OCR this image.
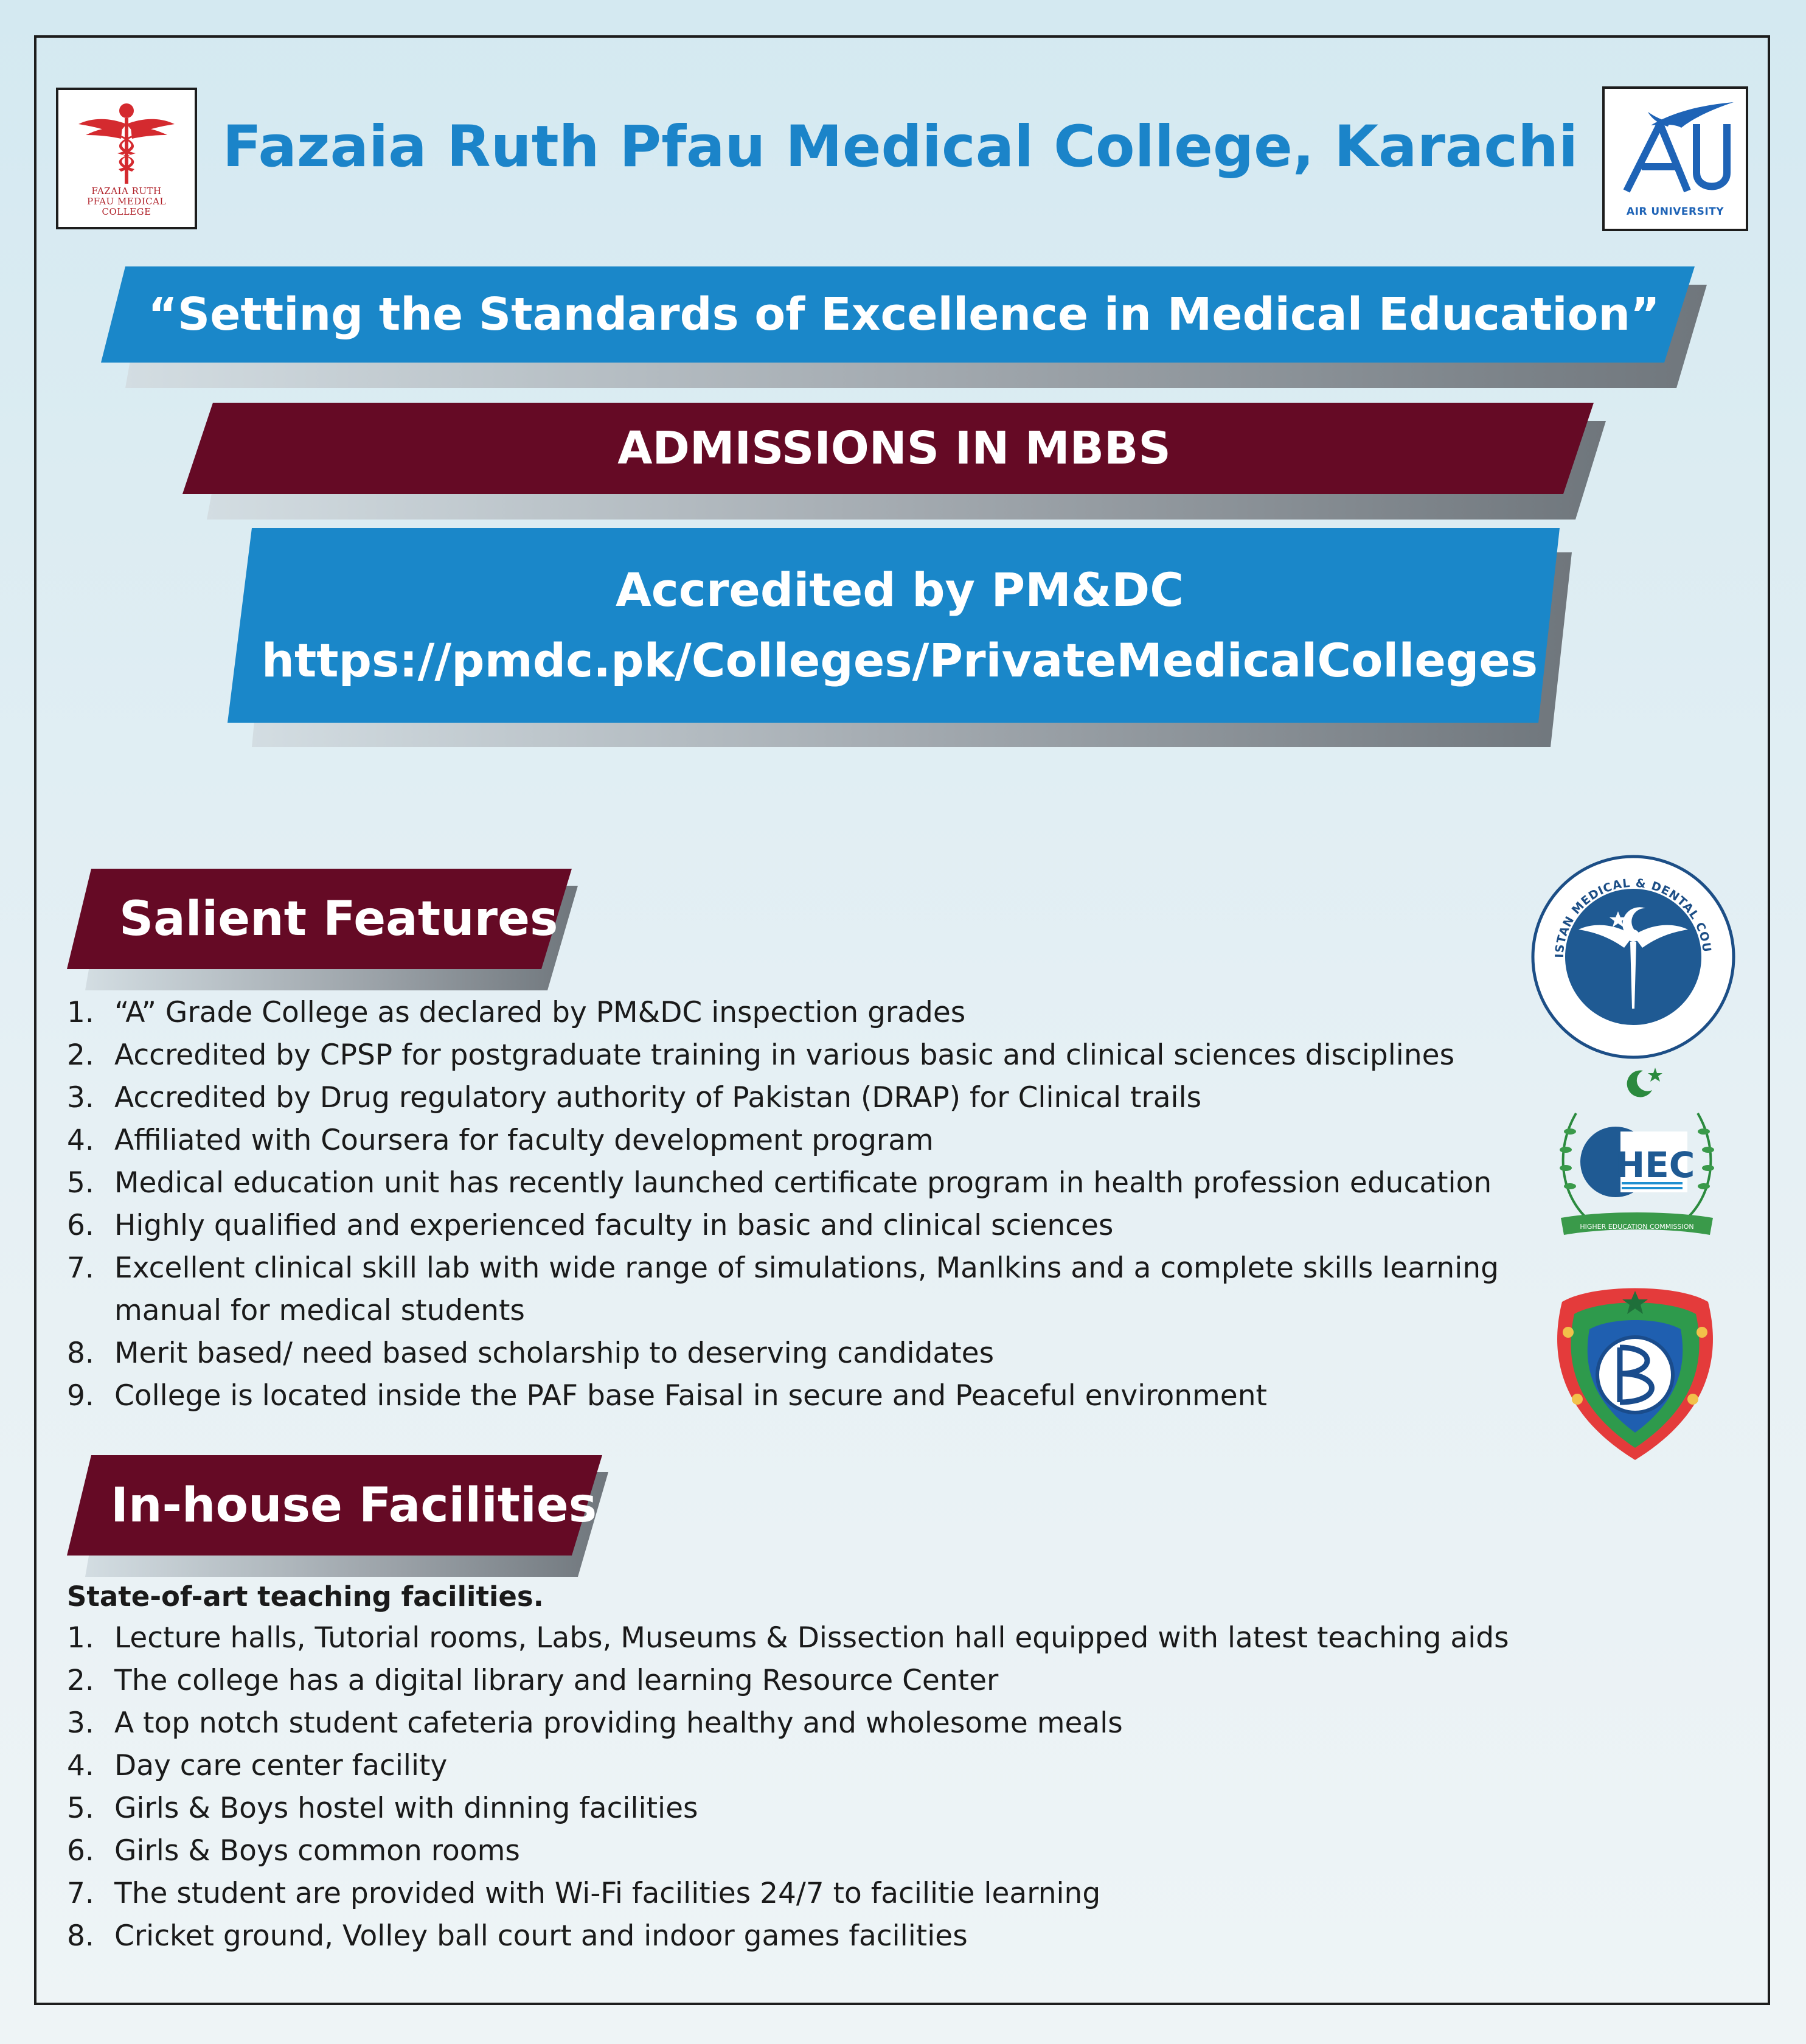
FAZAIA RUTH
PFAU MEDICAL
COLLEGE
Fazaia Ruth Pfau Medical College, Karachi
AIR UNIVERSITY
“Setting the Standards of Excellence in Medical Education”
ADMISSIONS IN MBBS
Accredited by PM&DC
https://pmdc.pk/Colleges/PrivateMedicalColleges
Salient Features
1. “A” Grade College as declared by PM&DC inspection grades
2. Accredited by CPSP for postgraduate training in various basic and clinical sciences disciplines
3. Accredited by Drug regulatory authority of Pakistan (DRAP) for Clinical trails
4. Affiliated with Coursera for faculty development program
5. Medical education unit has recently launched certificate program in health profession education
6. Highly qualified and experienced faculty in basic and clinical sciences
7. Excellent clinical skill lab with wide range of simulations, Manlkins and a complete skills learning
manual for medical students
8. Merit based/ need based scholarship to deserving candidates
9. College is located inside the PAF base Faisal in secure and Peaceful environment
In-house Facilities
State-of-art teaching facilities.
1. Lecture halls, Tutorial rooms, Labs, Museums & Dissection hall equipped with latest teaching aids
2. The college has a digital library and learning Resource Center
3. A top notch student cafeteria providing healthy and wholesome meals
4. Day care center facility
5. Girls & Boys hostel with dinning facilities
6. Girls & Boys common rooms
7. The student are provided with Wi-Fi facilities 24/7 to facilitie learning
8. Cricket ground, Volley ball court and indoor games facilities
ISTAN MEDICAL & DENTAL COU
HEC
HIGHER EDUCATION COMMISSION
